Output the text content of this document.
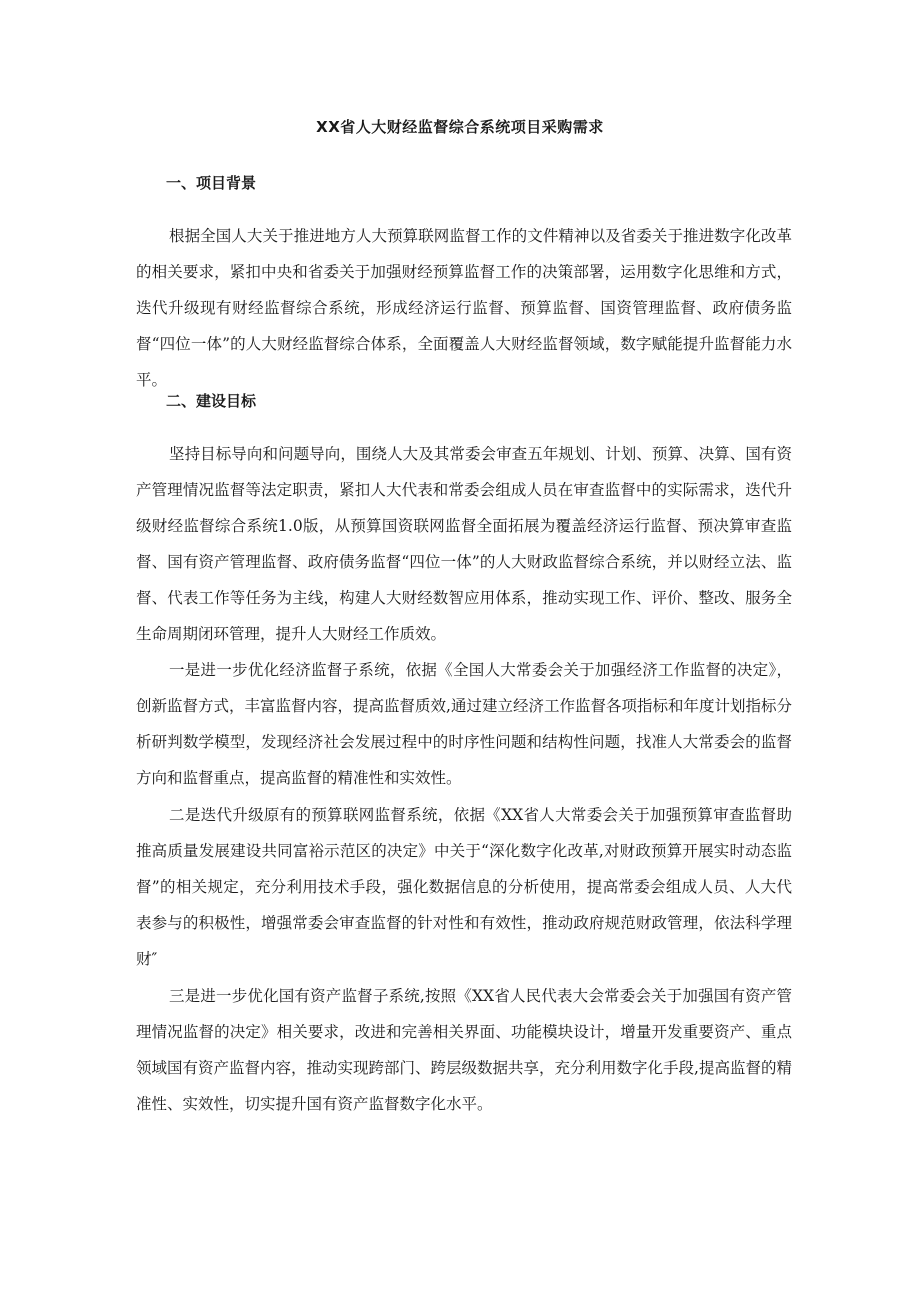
XX省人大财经监督综合系统项目采购需求
一、项目背景

根据全国人大关于推进地方人大预算联网监督工作的文件精神以及省委关于推进数字化改革的相关要求，紧扣中央和省委关于加强财经预算监督工作的决策部署，运用数字化思维和方式，迭代升级现有财经监督综合系统，形成经济运行监督、预算监督、国资管理监督、政府债务监督“四位一体”的人大财经监督综合体系，全面覆盖人大财经监督领域，数字赋能提升监督能力水平。

二、建设目标

坚持目标导向和问题导向，围绕人大及其常委会审查五年规划、计划、预算、决算、国有资产管理情况监督等法定职责，紧扣人大代表和常委会组成人员在审查监督中的实际需求，迭代升级财经监督综合系统1.0版，从预算国资联网监督全面拓展为覆盖经济运行监督、预决算审查监督、国有资产管理监督、政府债务监督“四位一体”的人大财政监督综合系统，并以财经立法、监督、代表工作等任务为主线，构建人大财经数智应用体系，推动实现工作、评价、整改、服务全生命周期闭环管理，提升人大财经工作质效。

一是进一步优化经济监督子系统，依据《全国人大常委会关于加强经济工作监督的决定》，创新监督方式，丰富监督内容，提高监督质效,通过建立经济工作监督各项指标和年度计划指标分析研判数学模型，发现经济社会发展过程中的时序性问题和结构性问题，找准人大常委会的监督方向和监督重点，提高监督的精准性和实效性。

二是迭代升级原有的预算联网监督系统，依据《XX省人大常委会关于加强预算审查监督助推高质量发展建设共同富裕示范区的决定》中关于“深化数字化改革,对财政预算开展实时动态监督”的相关规定，充分利用技术手段，强化数据信息的分析使用，提高常委会组成人员、人大代表参与的积极性，增强常委会审查监督的针对性和有效性，推动政府规范财政管理，依法科学理财″

三是进一步优化国有资产监督子系统,按照《XX省人民代表大会常委会关于加强国有资产管理情况监督的决定》相关要求，改进和完善相关界面、功能模块设计，增量开发重要资产、重点领域国有资产监督内容，推动实现跨部门、跨层级数据共享，充分利用数字化手段,提高监督的精准性、实效性，切实提升国有资产监督数字化水平。
